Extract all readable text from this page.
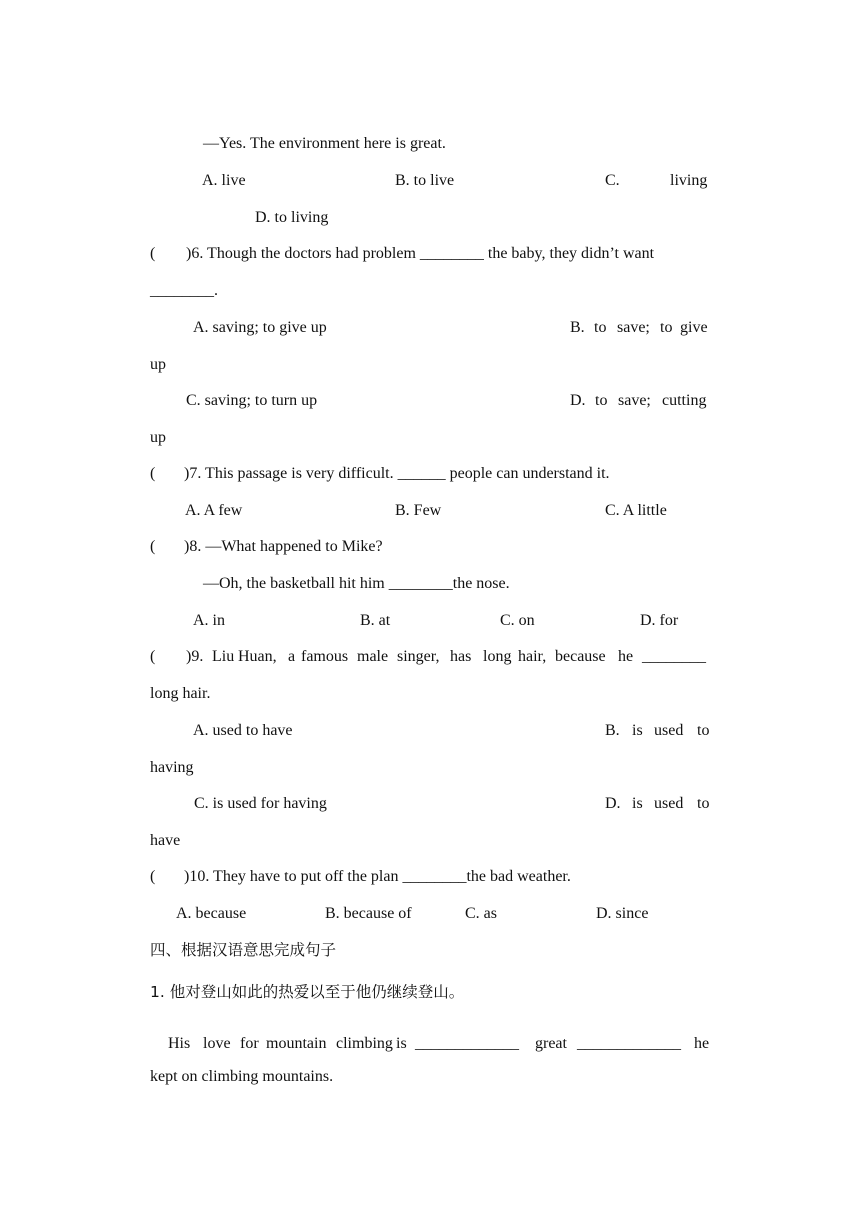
—Yes. The environment here is great.
A. live	B. to live	C.	living
D. to living
( )6. Though the doctors had problem ________ the baby, they didn’t want
________.
A. saving; to give up	B. to save; to give
up
C. saving; to turn up	D. to save; cutting
up
( )7. This passage is very difficult. ______ people can understand it.
A. A few	B. Few	C. A little
( )8. —What happened to Mike?
—Oh, the basketball hit him ________the nose.
A. in	B. at	C. on	D. for
( )9. Liu Huan, a famous male singer, has long hair, because he ________
long hair.
A. used to have	B. is used to
having
C. is used for having	D. is used to
have
( )10. They have to put off the plan ________the bad weather.
A. because	B. because of	C. as	D. since
四、根据汉语意思完成句子
1. 他对登山如此的热爱以至于他仍继续登山。
His love for mountain climbing is _____________ great _____________ he
kept on climbing mountains.
